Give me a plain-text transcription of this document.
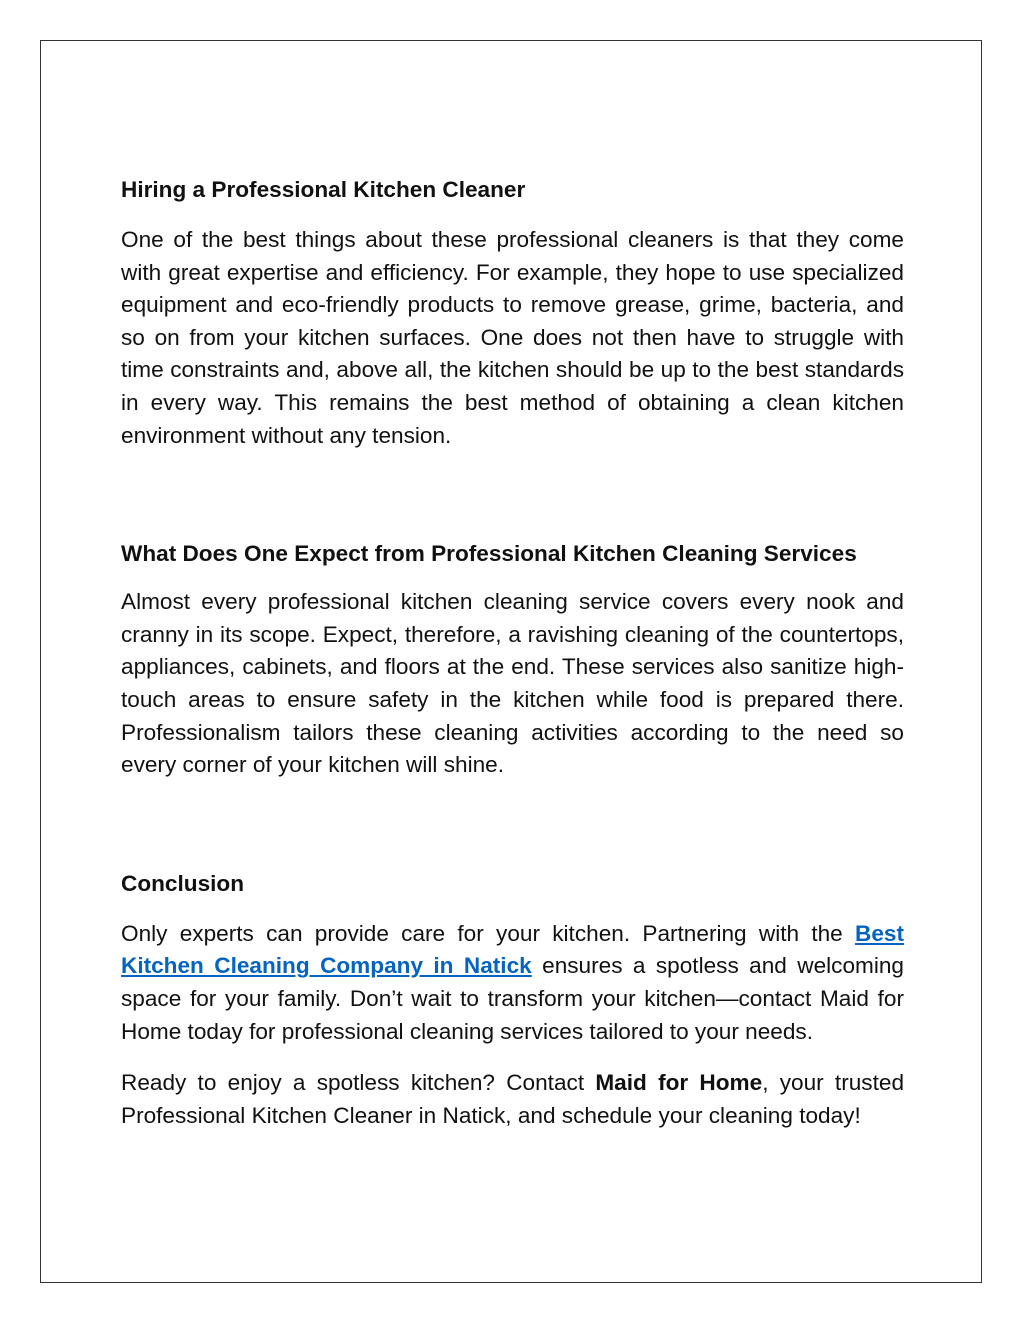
Hiring a Professional Kitchen Cleaner

One of the best things about these professional cleaners is that they come with great expertise and efficiency. For example, they hope to use specialized equipment and eco-friendly products to remove grease, grime, bacteria, and so on from your kitchen surfaces. One does not then have to struggle with time constraints and, above all, the kitchen should be up to the best standards in every way. This remains the best method of obtaining a clean kitchen environment without any tension.

What Does One Expect from Professional Kitchen Cleaning Services

Almost every professional kitchen cleaning service covers every nook and cranny in its scope. Expect, therefore, a ravishing cleaning of the countertops, appliances, cabinets, and floors at the end. These services also sanitize high-touch areas to ensure safety in the kitchen while food is prepared there. Professionalism tailors these cleaning activities according to the need so every corner of your kitchen will shine.

Conclusion

Only experts can provide care for your kitchen. Partnering with the Best Kitchen Cleaning Company in Natick ensures a spotless and welcoming space for your family. Don’t wait to transform your kitchen—contact Maid for Home today for professional cleaning services tailored to your needs.

Ready to enjoy a spotless kitchen? Contact Maid for Home, your trusted Professional Kitchen Cleaner in Natick, and schedule your cleaning today!
